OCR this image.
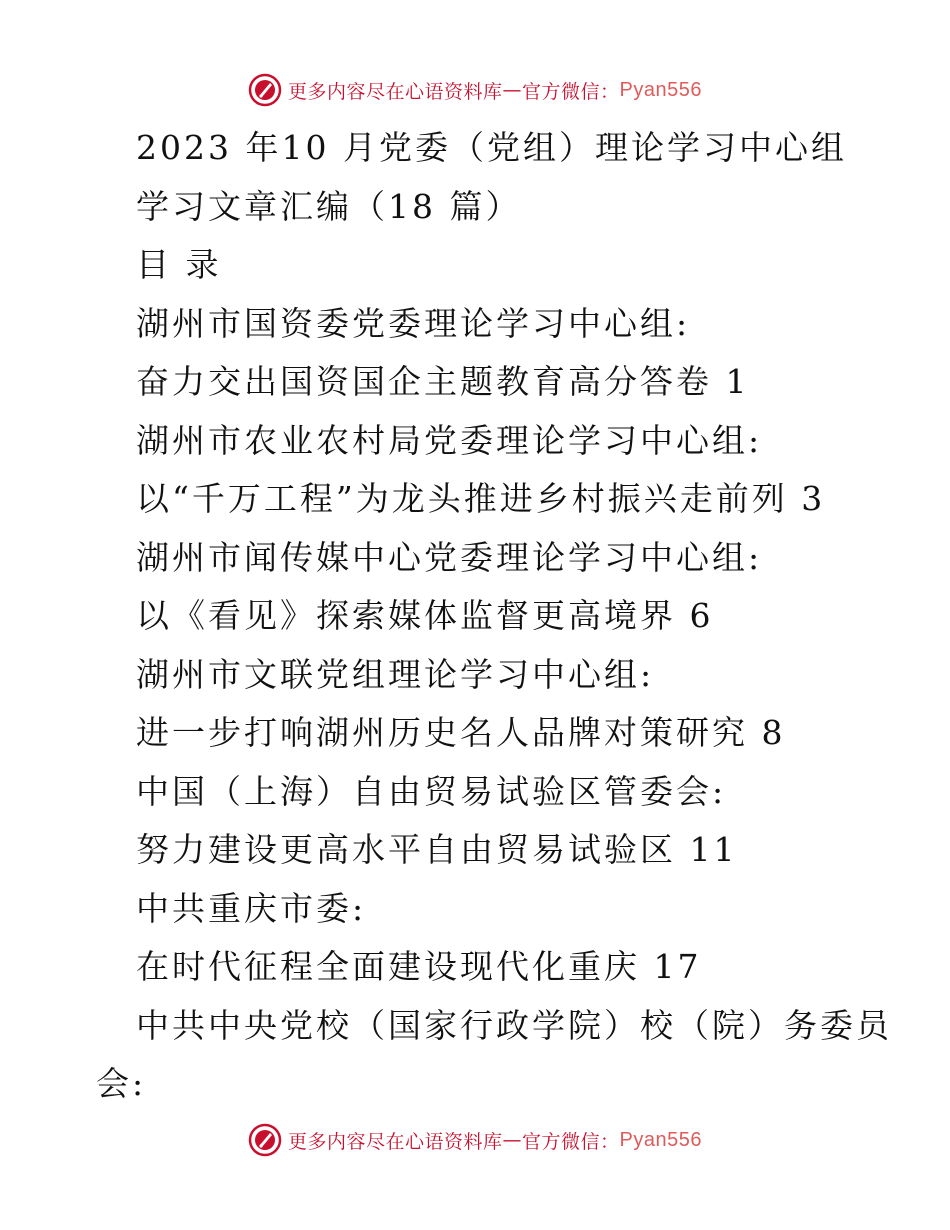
更多内容尽在心语资料库 — 官方微信： Pyan556
2023 年10 月党委（党组）理论学习中心组
学习文章汇编（18 篇）
目 录
湖州市国资委党委理论学习中心组:
奋力交出国资国企主题教育高分答卷 1
湖州市农业农村局党委理论学习中心组:
以“千万工程”为龙头推进乡村振兴走前列 3
湖州市闻传媒中心党委理论学习中心组:
以《看见》探索媒体监督更高境界 6
湖州市文联党组理论学习中心组:
进一步打响湖州历史名人品牌对策研究 8
中国（上海）自由贸易试验区管委会:
努力建设更高水平自由贸易试验区 11
中共重庆市委:
在时代征程全面建设现代化重庆 17
中共中央党校（国家行政学院）校（院）务委员
会:
更多内容尽在心语资料库 — 官方微信： Pyan556
